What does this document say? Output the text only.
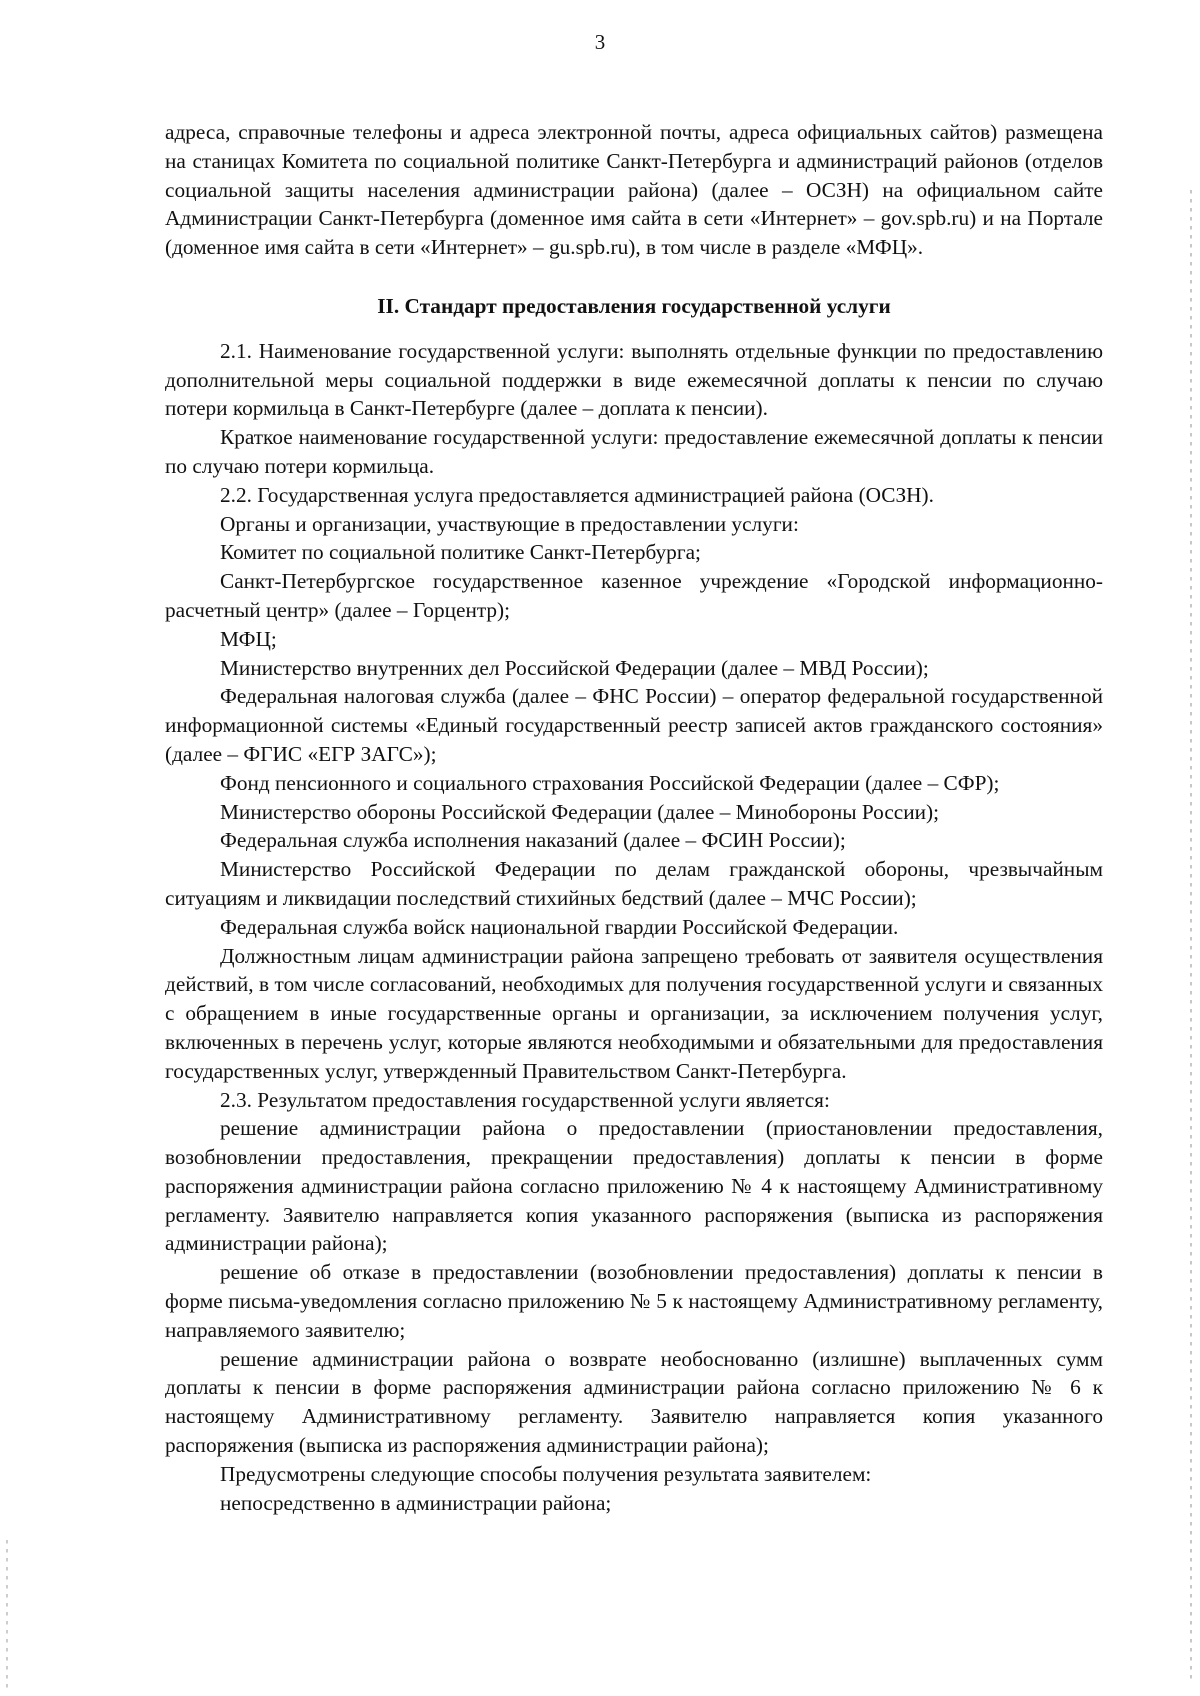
3

адреса, справочные телефоны и адреса электронной почты, адреса официальных сайтов) размещена на станицах Комитета по социальной политике Санкт-Петербурга и администраций районов (отделов социальной защиты населения администрации района) (далее – ОСЗН) на официальном сайте Администрации Санкт-Петербурга (доменное имя сайта в сети «Интернет» – gov.spb.ru) и на Портале (доменное имя сайта в сети «Интернет» – gu.spb.ru), в том числе в разделе «МФЦ».

II. Стандарт предоставления государственной услуги

2.1. Наименование государственной услуги: выполнять отдельные функции по предоставлению дополнительной меры социальной поддержки в виде ежемесячной доплаты к пенсии по случаю потери кормильца в Санкт-Петербурге (далее – доплата к пенсии).

Краткое наименование государственной услуги: предоставление ежемесячной доплаты к пенсии по случаю потери кормильца.

2.2. Государственная услуга предоставляется администрацией района (ОСЗН).

Органы и организации, участвующие в предоставлении услуги:

Комитет по социальной политике Санкт-Петербурга;

Санкт-Петербургское государственное казенное учреждение «Городской информационно-расчетный центр» (далее – Горцентр);

МФЦ;

Министерство внутренних дел Российской Федерации (далее – МВД России);

Федеральная налоговая служба (далее – ФНС России) – оператор федеральной государственной информационной системы «Единый государственный реестр записей актов гражданского состояния» (далее – ФГИС «ЕГР ЗАГС»);

Фонд пенсионного и социального страхования Российской Федерации (далее – СФР);

Министерство обороны Российской Федерации (далее – Минобороны России);

Федеральная служба исполнения наказаний (далее – ФСИН России);

Министерство Российской Федерации по делам гражданской обороны, чрезвычайным ситуациям и ликвидации последствий стихийных бедствий (далее – МЧС России);

Федеральная служба войск национальной гвардии Российской Федерации.

Должностным лицам администрации района запрещено требовать от заявителя осуществления действий, в том числе согласований, необходимых для получения государственной услуги и связанных с обращением в иные государственные органы и организации, за исключением получения услуг, включенных в перечень услуг, которые являются необходимыми и обязательными для предоставления государственных услуг, утвержденный Правительством Санкт-Петербурга.

2.3. Результатом предоставления государственной услуги является:

решение администрации района о предоставлении (приостановлении предоставления, возобновлении предоставления, прекращении предоставления) доплаты к пенсии в форме распоряжения администрации района согласно приложению № 4 к настоящему Административному регламенту. Заявителю направляется копия указанного распоряжения (выписка из распоряжения администрации района);

решение об отказе в предоставлении (возобновлении предоставления) доплаты к пенсии в форме письма-уведомления согласно приложению № 5 к настоящему Административному регламенту, направляемого заявителю;

решение администрации района о возврате необоснованно (излишне) выплаченных сумм доплаты к пенсии в форме распоряжения администрации района согласно приложению № 6 к настоящему Административному регламенту. Заявителю направляется копия указанного распоряжения (выписка из распоряжения администрации района);

Предусмотрены следующие способы получения результата заявителем:

непосредственно в администрации района;
